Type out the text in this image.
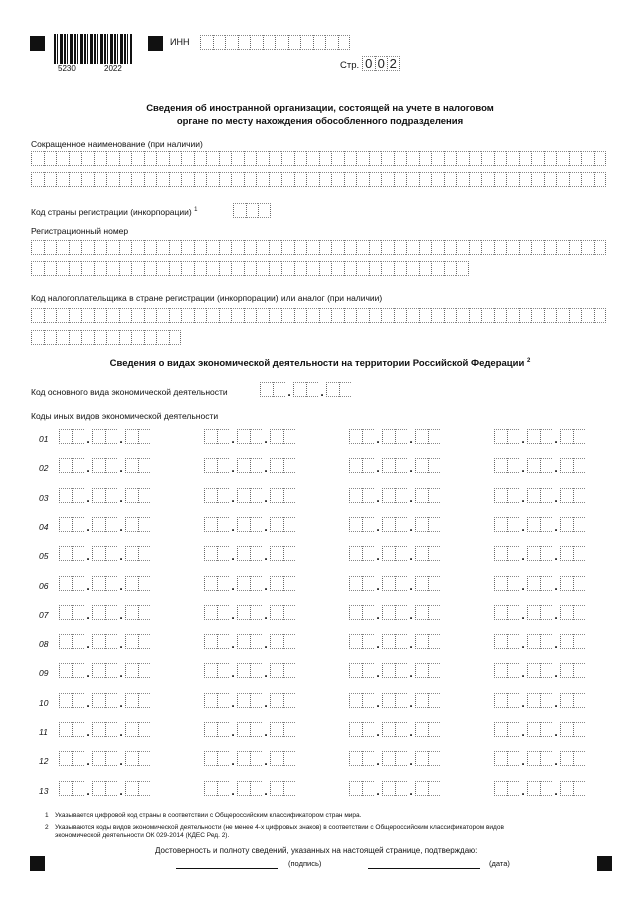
5230	2022
ИНН
Стр. 0 0 2
Сведения об иностранной организации, состоящей на учете в налоговом
органе по месту нахождения обособленного подразделения
Сокращенное наименование (при наличии)
Код страны регистрации (инкорпорации) $^1$
Регистрационный номер
Код налогоплательщика в стране регистрации (инкорпорации) или аналог (при наличии)
Сведения о видах экономической деятельности на территории Российской Федерации $^2$
Код основного вида экономической деятельности	. .
Коды иных видов экономической деятельности
01	. .	. .	. .	. .
02	. .	. .	. .	. .
03	. .	. .	. .	. .
04	. .	. .	. .	. .
05	. .	. .	. .	. .
06	. .	. .	. .	. .
07	. .	. .	. .	. .
08	. .	. .	. .	. .
09	. .	. .	. .	. .
10	. .	. .	. .	. .
11	. .	. .	. .	. .
12	. .	. .	. .	. .
13	. .	. .	. .	. .
1 Указывается цифровой код страны в соответствии с Общероссийским классификатором стран мира.
2 Указываются коды видов экономической деятельности (не менее 4-х цифровых знаков) в соответствии с Общероссийским классификатором видов
экономической деятельности ОК 029-2014 (КДЕС Ред. 2).
Достоверность и полноту сведений, указанных на настоящей странице, подтверждаю:
(подпись)	(дата)
